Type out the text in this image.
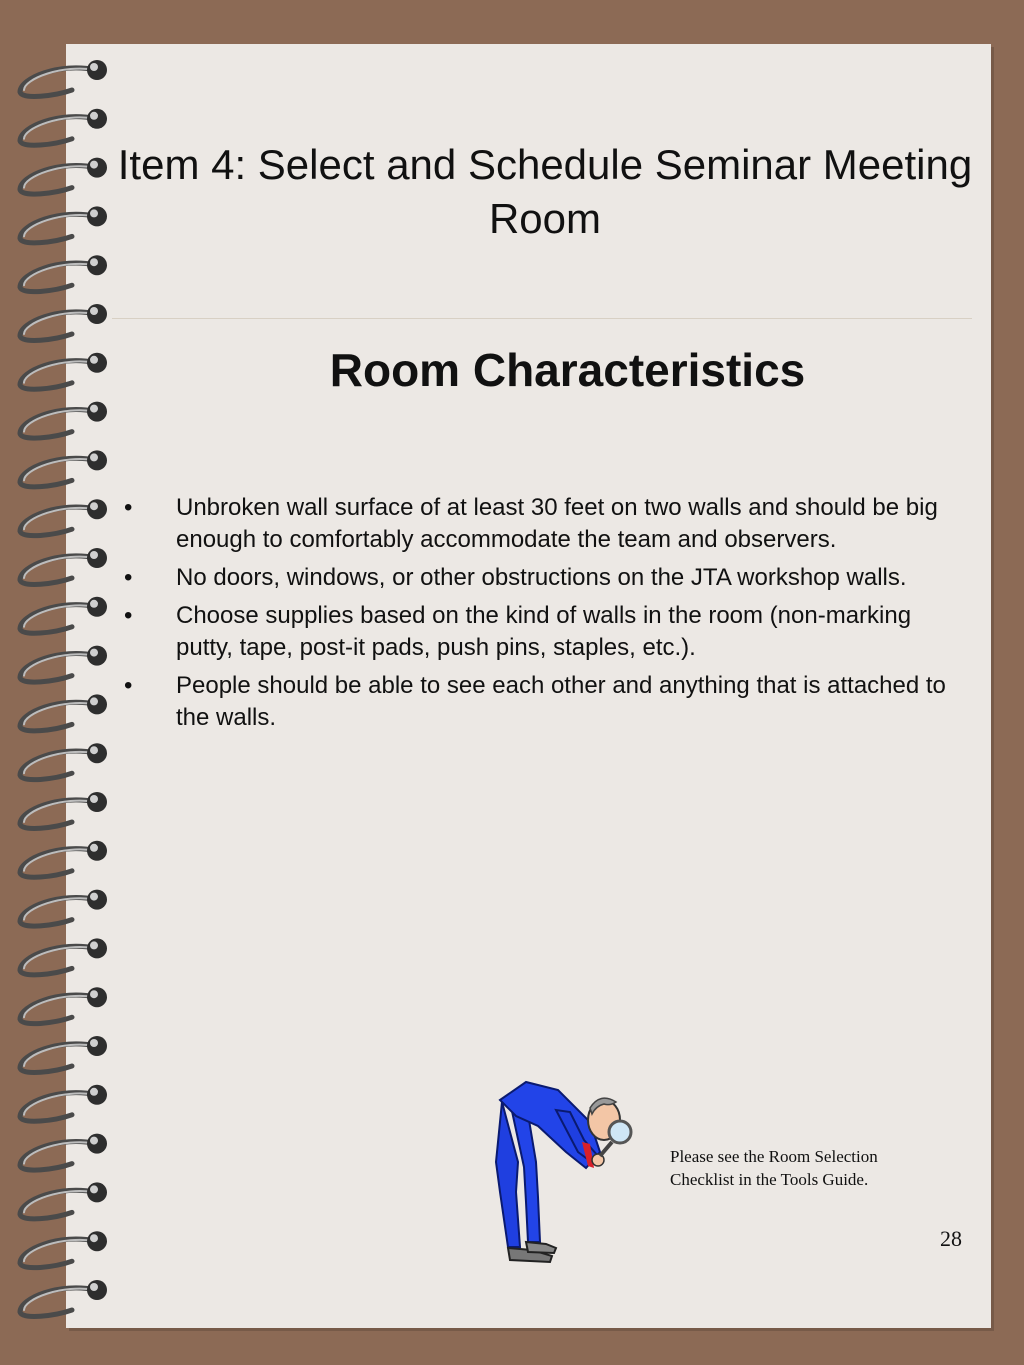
Item 4: Select and Schedule Seminar Meeting Room
Room Characteristics
• Unbroken wall surface of at least 30 feet on two walls and should be big enough to comfortably accommodate the team and observers.
• No doors, windows, or other obstructions on the JTA workshop walls.
• Choose supplies based on the kind of walls in the room (non-marking putty, tape, post-it pads, push pins, staples, etc.).
• People should be able to see each other and anything that is attached to the walls.
Please see the Room Selection Checklist in the Tools Guide.
28
